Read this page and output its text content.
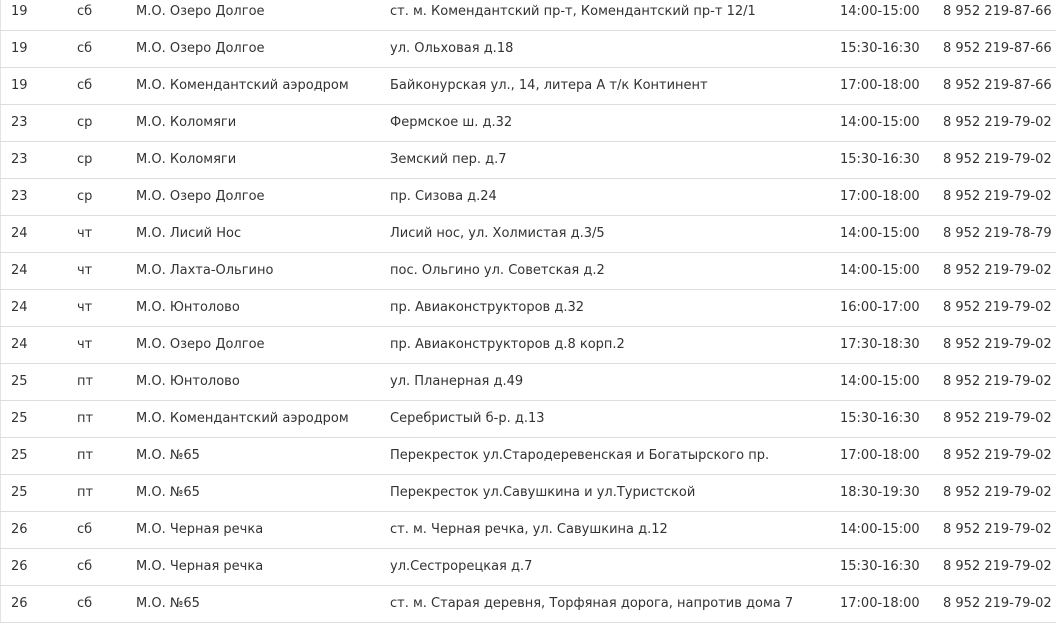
19	сб	М.О. Озеро Долгое	ст. м. Комендантский пр-т, Комендантский пр-т 12/1	14:00-15:00 8 952 219-87-66
19	сб	М.О. Озеро Долгое	ул. Ольховая д.18	15:30-16:30 8 952 219-87-66
19	сб	М.О. Комендантский аэродром	Байконурская ул., 14, литера А т/к Континент	17:00-18:00 8 952 219-87-66
23	ср	М.О. Коломяги	Фермское ш. д.32	14:00-15:00 8 952 219-79-02
23	ср	М.О. Коломяги	Земский пер. д.7	15:30-16:30 8 952 219-79-02
23	ср	М.О. Озеро Долгое	пр. Сизова д.24	17:00-18:00 8 952 219-79-02
24	чт	М.О. Лисий Нос	Лисий нос, ул. Холмистая д.3/5	14:00-15:00 8 952 219-78-79
24	чт	М.О. Лахта-Ольгино	пос. Ольгино ул. Советская д.2	14:00-15:00 8 952 219-79-02
24	чт	М.О. Юнтолово	пр. Авиаконструкторов д.32	16:00-17:00 8 952 219-79-02
24	чт	М.О. Озеро Долгое	пр. Авиаконструкторов д.8 корп.2	17:30-18:30 8 952 219-79-02
25	пт	М.О. Юнтолово	ул. Планерная д.49	14:00-15:00 8 952 219-79-02
25	пт	М.О. Комендантский аэродром	Серебристый б-р. д.13	15:30-16:30 8 952 219-79-02
25	пт	М.О. №65	Перекресток ул.Стародеревенская и Богатырского пр.	17:00-18:00 8 952 219-79-02
25	пт	М.О. №65	Перекресток ул.Савушкина и ул.Туристской	18:30-19:30 8 952 219-79-02
26	сб	М.О. Черная речка	ст. м. Черная речка, ул. Савушкина д.12	14:00-15:00 8 952 219-79-02
26	сб	М.О. Черная речка	ул.Сестрорецкая д.7	15:30-16:30 8 952 219-79-02
26	сб	М.О. №65	ст. м. Старая деревня, Торфяная дорога, напротив дома 7	17:00-18:00 8 952 219-79-02
